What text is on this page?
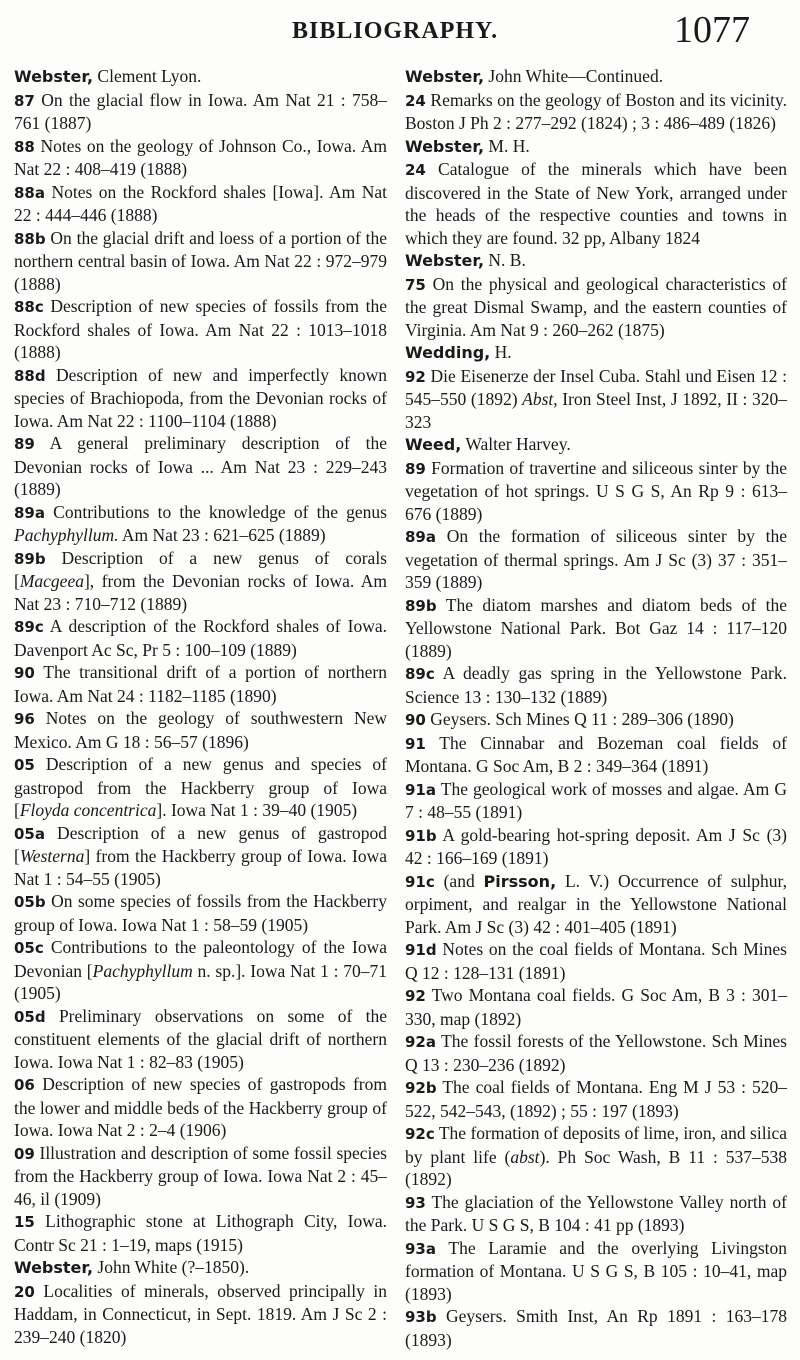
BIBLIOGRAPHY.	1077

Webster, Clement Lyon.

87 On the glacial flow in Iowa. Am Nat 21 : 758–761 (1887)

88 Notes on the geology of Johnson Co., Iowa. Am Nat 22 : 408–419 (1888)

88a Notes on the Rockford shales [Iowa]. Am Nat 22 : 444–446 (1888)

88b On the glacial drift and loess of a portion of the northern central basin of Iowa. Am Nat 22 : 972–979 (1888)

88c Description of new species of fossils from the Rockford shales of Iowa. Am Nat 22 : 1013–1018 (1888)

88d Description of new and imperfectly known species of Brachiopoda, from the Devonian rocks of Iowa. Am Nat 22 : 1100–1104 (1888)

89 A general preliminary description of the Devonian rocks of Iowa ... Am Nat 23 : 229–243 (1889)

89a Contributions to the knowledge of the genus Pachyphyllum. Am Nat 23 : 621–625 (1889)

89b Description of a new genus of corals [Macgeea], from the Devonian rocks of Iowa. Am Nat 23 : 710–712 (1889)

89c A description of the Rockford shales of Iowa. Davenport Ac Sc, Pr 5 : 100–109 (1889)

90 The transitional drift of a portion of northern Iowa. Am Nat 24 : 1182–1185 (1890)

96 Notes on the geology of southwestern New Mexico. Am G 18 : 56–57 (1896)

05 Description of a new genus and species of gastropod from the Hackberry group of Iowa [Floyda concentrica]. Iowa Nat 1 : 39–40 (1905)

05a Description of a new genus of gastropod [Westerna] from the Hackberry group of Iowa. Iowa Nat 1 : 54–55 (1905)

05b On some species of fossils from the Hackberry group of Iowa. Iowa Nat 1 : 58–59 (1905)

05c Contributions to the paleontology of the Iowa Devonian [Pachyphyllum n. sp.]. Iowa Nat 1 : 70–71 (1905)

05d Preliminary observations on some of the constituent elements of the glacial drift of northern Iowa. Iowa Nat 1 : 82–83 (1905)

06 Description of new species of gastropods from the lower and middle beds of the Hackberry group of Iowa. Iowa Nat 2 : 2–4 (1906)

09 Illustration and description of some fossil species from the Hackberry group of Iowa. Iowa Nat 2 : 45–46, il (1909)

15 Lithographic stone at Lithograph City, Iowa. Contr Sc 21 : 1–19, maps (1915)

Webster, John White (?–1850).

20 Localities of minerals, observed principally in Haddam, in Connecticut, in Sept. 1819. Am J Sc 2 : 239–240 (1820)

Webster, John White—Continued.

24 Remarks on the geology of Boston and its vicinity. Boston J Ph 2 : 277–292 (1824) ; 3 : 486–489 (1826)

Webster, M. H.

24 Catalogue of the minerals which have been discovered in the State of New York, arranged under the heads of the respective counties and towns in which they are found. 32 pp, Albany 1824

Webster, N. B.

75 On the physical and geological characteristics of the great Dismal Swamp, and the eastern counties of Virginia. Am Nat 9 : 260–262 (1875)

Wedding, H.

92 Die Eisenerze der Insel Cuba. Stahl und Eisen 12 : 545–550 (1892) Abst, Iron Steel Inst, J 1892, II : 320–323

Weed, Walter Harvey.

89 Formation of travertine and siliceous sinter by the vegetation of hot springs. U S G S, An Rp 9 : 613–676 (1889)

89a On the formation of siliceous sinter by the vegetation of thermal springs. Am J Sc (3) 37 : 351–359 (1889)

89b The diatom marshes and diatom beds of the Yellowstone National Park. Bot Gaz 14 : 117–120 (1889)

89c A deadly gas spring in the Yellowstone Park. Science 13 : 130–132 (1889)

90 Geysers. Sch Mines Q 11 : 289–306 (1890)

91 The Cinnabar and Bozeman coal fields of Montana. G Soc Am, B 2 : 349–364 (1891)

91a The geological work of mosses and algae. Am G 7 : 48–55 (1891)

91b A gold-bearing hot-spring deposit. Am J Sc (3) 42 : 166–169 (1891)

91c (and Pirsson, L. V.) Occurrence of sulphur, orpiment, and realgar in the Yellowstone National Park. Am J Sc (3) 42 : 401–405 (1891)

91d Notes on the coal fields of Montana. Sch Mines Q 12 : 128–131 (1891)

92 Two Montana coal fields. G Soc Am, B 3 : 301–330, map (1892)

92a The fossil forests of the Yellowstone. Sch Mines Q 13 : 230–236 (1892)

92b The coal fields of Montana. Eng M J 53 : 520–522, 542–543, (1892) ; 55 : 197 (1893)

92c The formation of deposits of lime, iron, and silica by plant life (abst). Ph Soc Wash, B 11 : 537–538 (1892)

93 The glaciation of the Yellowstone Valley north of the Park. U S G S, B 104 : 41 pp (1893)

93a The Laramie and the overlying Livingston formation of Montana. U S G S, B 105 : 10–41, map (1893)

93b Geysers. Smith Inst, An Rp 1891 : 163–178 (1893)
